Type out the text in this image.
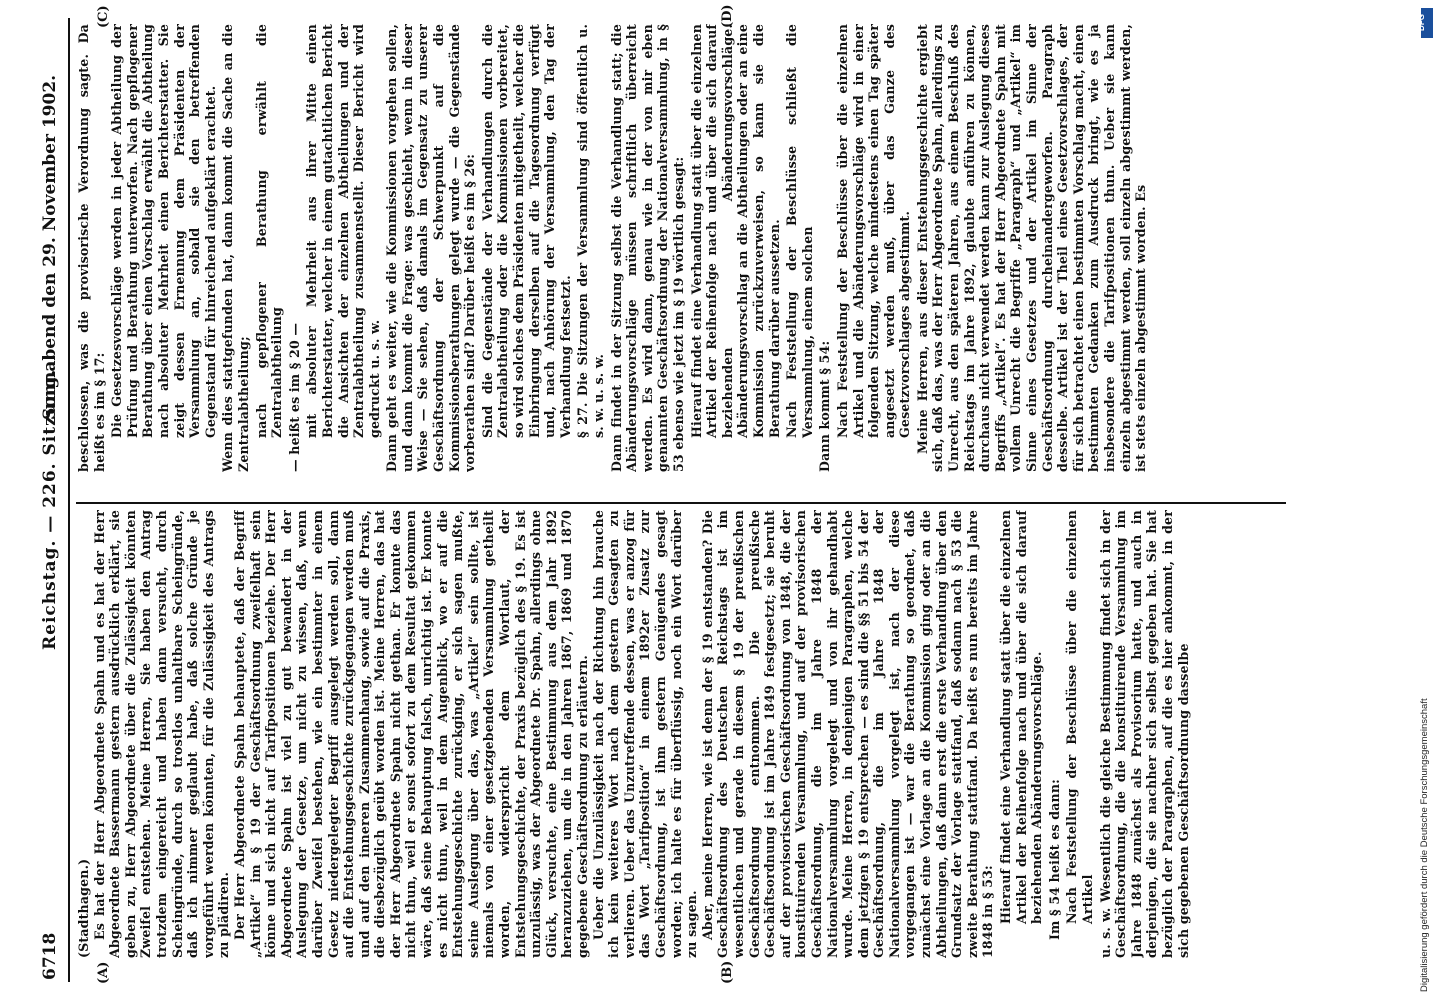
6718
Reichstag. — 226. Sitzung.
Sonnabend den 29. November 1902.
(A)	(B)
(C)	(D)

(Stadthagen.) Es hat der Herr Abgeordnete Spahn und es hat der Herr Abgeordnete Bassermann gestern ausdrücklich erklärt, sie geben zu, Herr Abgeordnete über die Zulässigkeit könnten Zweifel entstehen. Meine Herren, Sie haben den Antrag trotzdem eingereicht und haben dann versucht, durch Scheingründe, durch so trostlos unhaltbare Scheingründe, daß ich nimmer geglaubt habe, daß solche Gründe je vorgeführt werden könnten, für die Zulässigkeit des Antrags zu plädiren. Der Herr Abgeordnete Spahn behauptete, daß der Begriff „Artikel“ im § 19 der Geschäftsordnung zweifelhaft sein könne und sich nicht auf Tarifpositionen beziehe. Der Herr Abgeordnete Spahn ist viel zu gut bewandert in der Auslegung der Gesetze, um nicht zu wissen, daß, wenn darüber Zweifel bestehen, wie ein bestimmter in einem Gesetz niedergelegter Begriff ausgelegt werden soll, dann auf die Entstehungsgeschichte zurückgegangen werden muß und auf den inneren Zusammenhang, sowie auf die Praxis, die diesbezüglich geübt worden ist. Meine Herren, das hat der Herr Abgeordnete Spahn nicht gethan. Er konnte das nicht thun, weil er sonst sofort zu dem Resultat gekommen wäre, daß seine Behauptung falsch, unrichtig ist. Er konnte es nicht thun, weil in dem Augenblick, wo er auf die Entstehungsgeschichte zurückging, er sich sagen mußte, seine Auslegung über das, was „Artikel“ sein sollte, ist niemals von einer gesetzgebenden Versammlung getheilt worden, widerspricht dem Wortlaut, der Entstehungsgeschichte, der Praxis bezüglich des § 19. Es ist unzulässig, was der Abgeordnete Dr. Spahn, allerdings ohne Glück, versuchte, eine Bestimmung aus dem Jahr 1892 heranzuziehen, um die in den Jahren 1867, 1869 und 1870 gegebene Geschäftsordnung zu erläutern. Ueber die Unzulässigkeit nach der Richtung hin brauche ich kein weiteres Wort nach dem gestern Gesagten zu verlieren. Ueber das Unzutreffende dessen, was er anzog für das Wort „Tarifposition“ in einem 1892er Zusatz zur Geschäftsordnung, ist ihm gestern Genügendes gesagt worden; ich halte es für überflüssig, noch ein Wort darüber zu sagen. Aber, meine Herren, wie ist denn der § 19 entstanden? Die Geschäftsordnung des Deutschen Reichstags ist im wesentlichen und gerade in diesem § 19 der preußischen Geschäftsordnung entnommen. Die preußische Geschäftsordnung ist im Jahre 1849 festgesetzt; sie beruht auf der provisorischen Geschäftsordnung von 1848, die der konstituirenden Versammlung, und auf der provisorischen Geschäftsordnung, die im Jahre 1848 der Nationalversammlung vorgelegt und von ihr gehandhabt wurde. Meine Herren, in denjenigen Paragraphen, welche dem jetzigen § 19 entsprechen — es sind die §§ 51 bis 54 der Geschäftsordnung, die im Jahre 1848 der Nationalversammlung vorgelegt ist, nach der diese vorgegangen ist — war die Berathung so geordnet, daß zunächst eine Vorlage an die Kommission ging oder an die Abtheilungen, daß dann erst die erste Verhandlung über den Grundsatz der Vorlage stattfand, daß sodann nach § 53 die zweite Berathung stattfand. Da heißt es nun bereits im Jahre 1848 in § 53: Hierauf findet eine Verhandlung statt über die einzelnen Artikel der Reihenfolge nach und über die sich darauf beziehenden Abänderungsvorschläge. Im § 54 heißt es dann: Nach Feststellung der Beschlüsse über die einzelnen Artikel u. s. w. Wesentlich die gleiche Bestimmung findet sich in der Geschäftsordnung, die die konstituirende Versammlung im Jahre 1848 zunächst als Provisorium hatte, und auch in derjenigen, die sie nachher sich selbst gegeben hat. Sie hat bezüglich der Paragraphen, auf die es hier ankommt, in der sich gegebenen Geschäftsordnung dasselbe

beschlossen, was die provisorische Verordnung sagte. Da heißt es im § 17: Die Gesetzesvorschläge werden in jeder Abtheilung der Prüfung und Berathung unterworfen. Nach gepflogener Berathung über einen Vorschlag erwählt die Abtheilung nach absoluter Mehrheit einen Berichterstatter. Sie zeigt dessen Ernennung dem Präsidenten der Versammlung an, sobald sie den betreffenden Gegenstand für hinreichend aufgeklärt erachtet. Wenn dies stattgefunden hat, dann kommt die Sache an die Zentralabtheilung; nach gepflogener Berathung erwählt die Zentralabtheilung — heißt es im § 20 — mit absoluter Mehrheit aus ihrer Mitte einen Berichterstatter, welcher in einem gutachtlichen Bericht die Ansichten der einzelnen Abtheilungen und der Zentralabtheilung zusammenstellt. Dieser Bericht wird gedruckt u. s. w. Dann geht es weiter, wie die Kommissionen vorgehen sollen, und dann kommt die Frage: was geschieht, wenn in dieser Weise — Sie sehen, daß damals im Gegensatz zu unserer Geschäftsordnung der Schwerpunkt auf die Kommissionsberathungen gelegt wurde — die Gegenstände vorberathen sind? Darüber heißt es im § 26: Sind die Gegenstände der Verhandlungen durch die Zentralabtheilung oder die Kommissionen vorbereitet, so wird solches dem Präsidenten mitgetheilt, welcher die Einbringung derselben auf die Tagesordnung verfügt und, nach Anhörung der Versammlung, den Tag der Verhandlung festsetzt. § 27. Die Sitzungen der Versammlung sind öffentlich u. s. w. u. s. w. Dann findet in der Sitzung selbst die Verhandlung statt; die Abänderungsvorschläge müssen schriftlich überreicht werden. Es wird dann, genau wie in der von mir eben genannten Geschäftsordnung der Nationalversammlung, in § 53 ebenso wie jetzt im § 19 wörtlich gesagt: Hierauf findet eine Verhandlung statt über die einzelnen Artikel der Reihenfolge nach und über die sich darauf beziehenden Abänderungsvorschläge. Abänderungsvorschlag an die Abtheilungen oder an eine Kommission zurückzuverweisen, so kann sie die Berathung darüber aussetzen. Nach Feststellung der Beschlüsse schließt die Versammlung, einem solchen Dann kommt § 54: Nach Feststellung der Beschlüsse über die einzelnen Artikel und die Abänderungsvorschläge wird in einer folgenden Sitzung, welche mindestens einen Tag später angesetzt werden muß, über das Ganze des Gesetzvorschlages abgestimmt. Meine Herren, aus dieser Entstehungsgeschichte ergiebt sich, daß das, was der Herr Abgeordnete Spahn, allerdings zu Unrecht, aus den späteren Jahren, aus einem Beschluß des Reichstags im Jahre 1892, glaubte anführen zu können, durchaus nicht verwendet werden kann zur Auslegung dieses Begriffs „Artikel“. Es hat der Herr Abgeordnete Spahn mit vollem Unrecht die Begriffe „Paragraph“ und „Artikel“ im Sinne eines Gesetzes und der Artikel im Sinne der Geschäftsordnung durcheinandergeworfen. Paragraph desselbe. Artikel ist der Theil eines Gesetzvorschlages, der für sich betrachtet einen bestimmten Vorschlag macht, einen bestimmten Gedanken zum Ausdruck bringt, wie es ja insbesondere die Tarifpositionen thun. Ueber sie kann einzeln abgestimmt werden, soll einzeln abgestimmt werden, ist stets einzeln abgestimmt worden. Es

DFG
Digitalisierung gefördert durch die Deutsche Forschungsgemeinschaft
